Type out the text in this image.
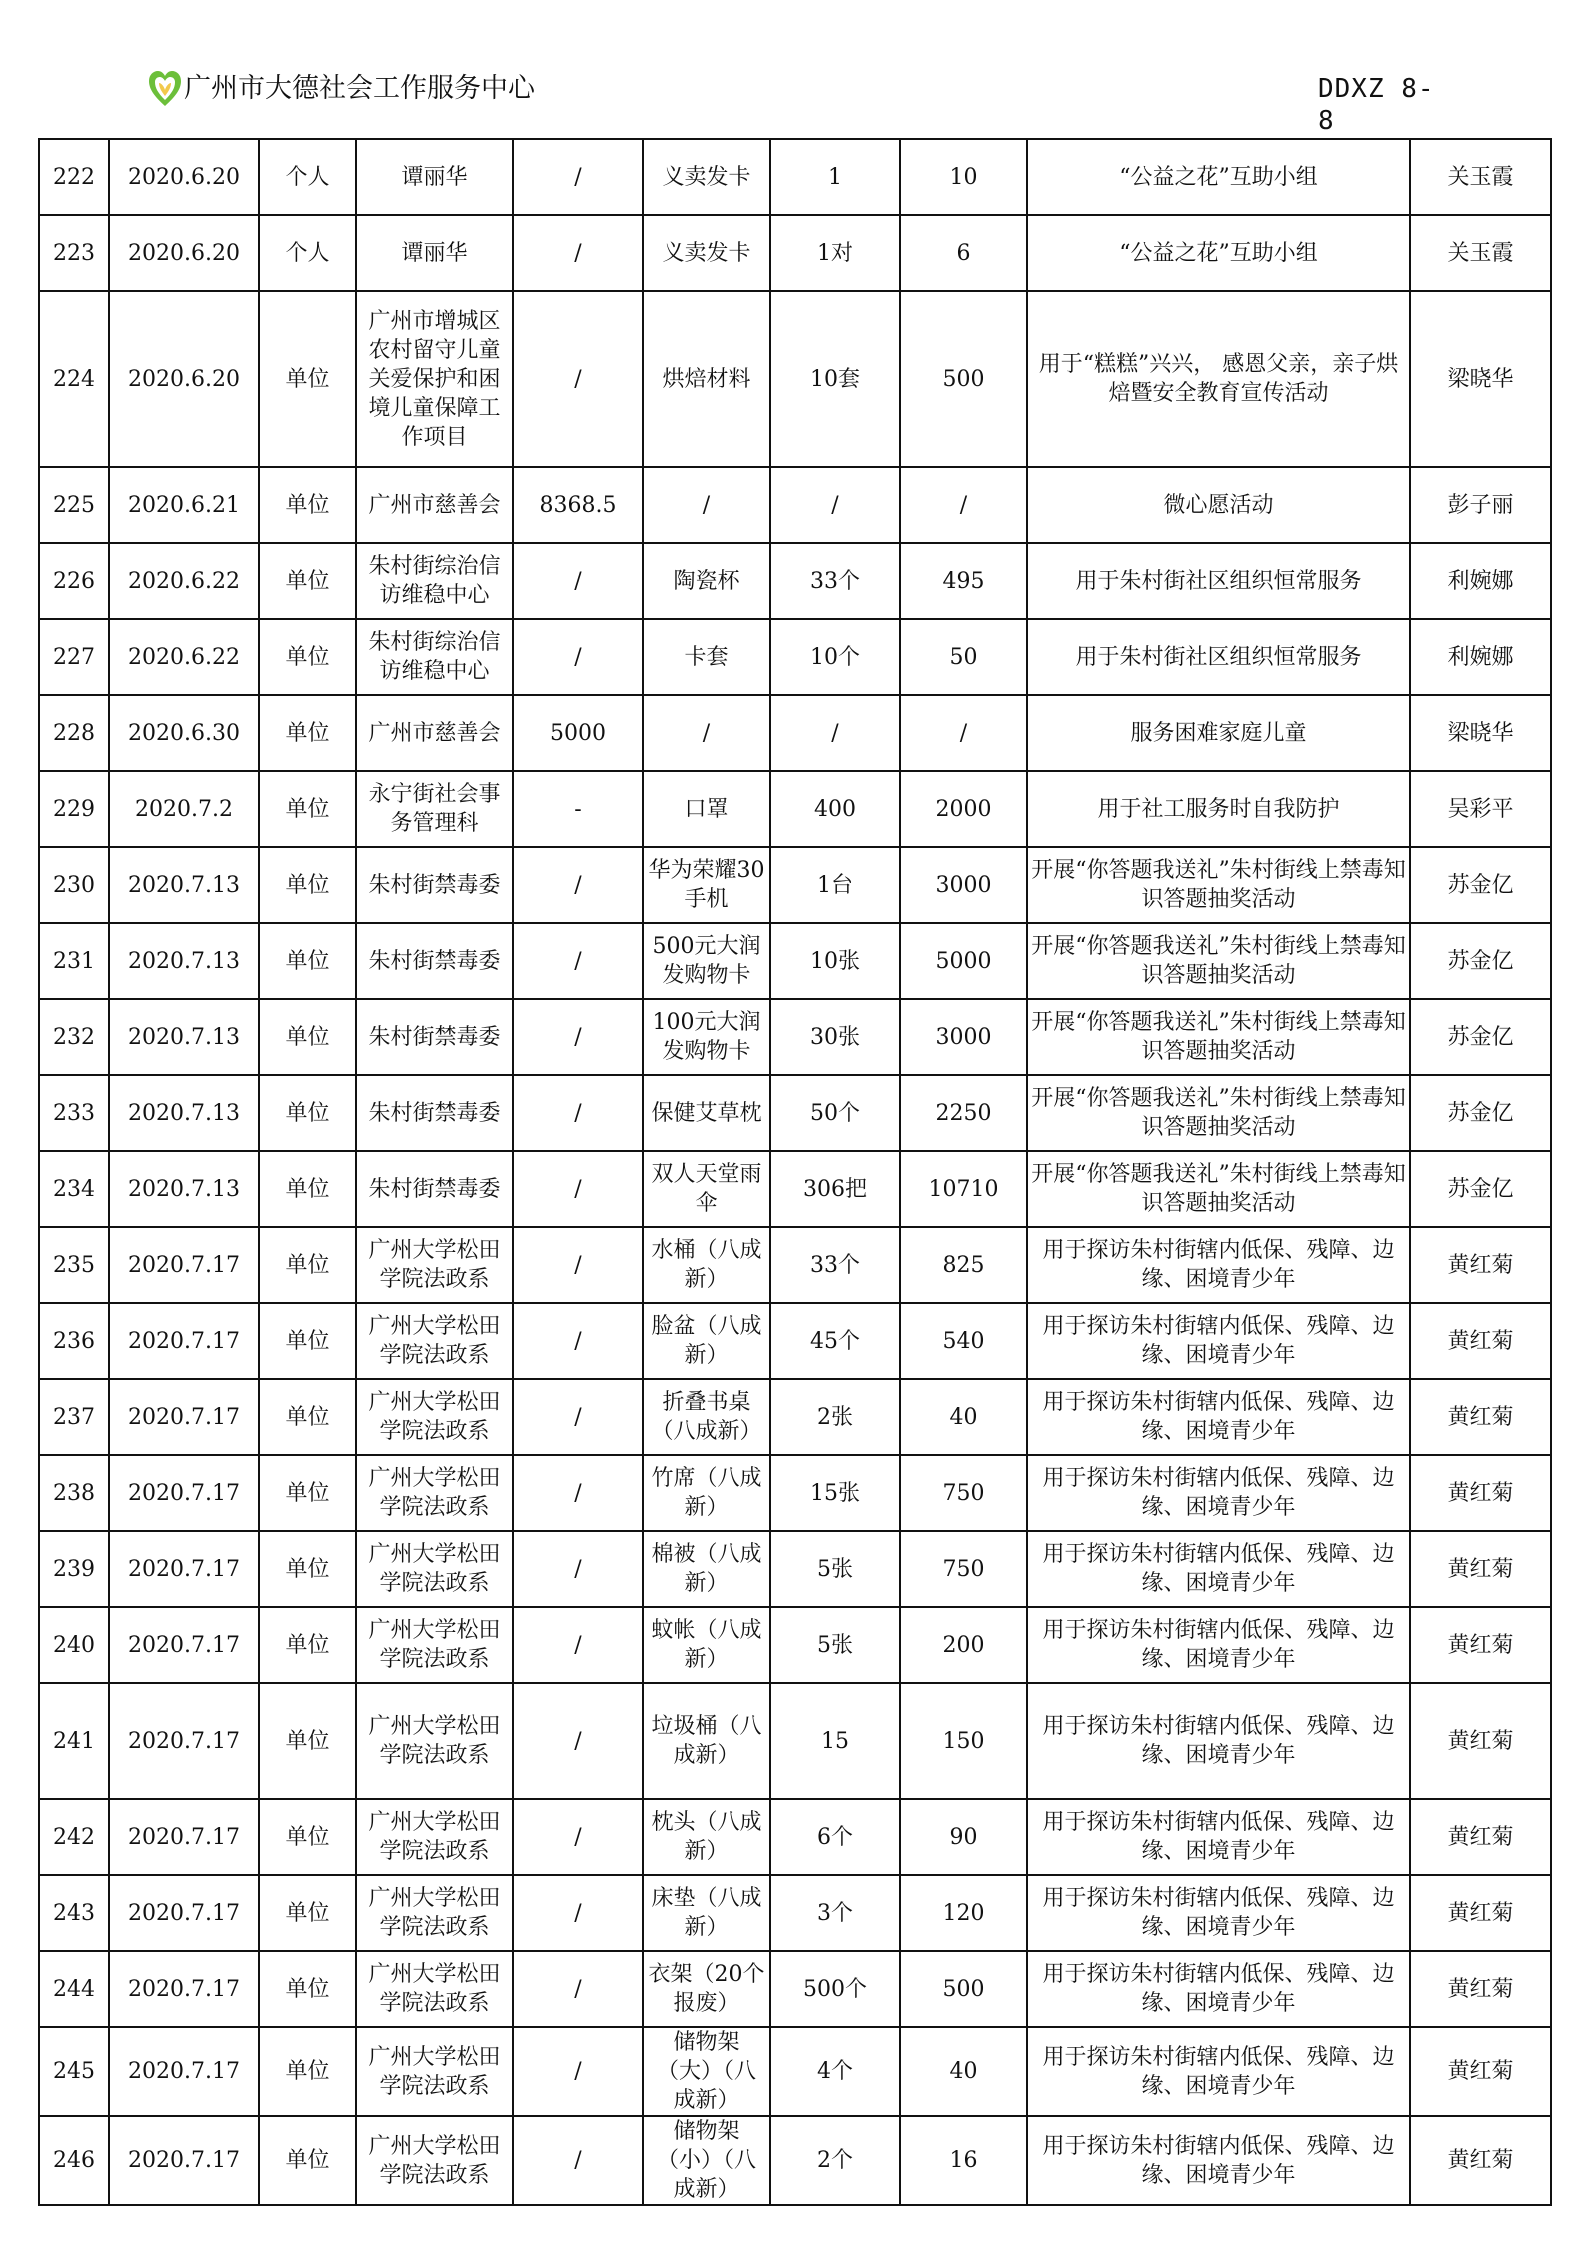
广州市大德社会工作服务中心	DDXZ 8-8
222	2020.6.20	个人	谭丽华	/	义卖发卡	1	10	“公益之花”互助小组	关玉霞
223	2020.6.20	个人	谭丽华	/	义卖发卡	1对	6	“公益之花”互助小组	关玉霞
224	2020.6.20	单位	广州市增城区农村留守儿童关爱保护和困境儿童保障工作项目	/	烘焙材料	10套	500	用于“糕糕”兴兴， 感恩父亲，亲子烘焙暨安全教育宣传活动	梁晓华
225	2020.6.21	单位	广州市慈善会	8368.5	/	/	/	微心愿活动	彭子丽
226	2020.6.22	单位	朱村街综治信访维稳中心	/	陶瓷杯	33个	495	用于朱村街社区组织恒常服务	利婉娜
227	2020.6.22	单位	朱村街综治信访维稳中心	/	卡套	10个	50	用于朱村街社区组织恒常服务	利婉娜
228	2020.6.30	单位	广州市慈善会	5000	/	/	/	服务困难家庭儿童	梁晓华
229	2020.7.2	单位	永宁街社会事务管理科	-	口罩	400	2000	用于社工服务时自我防护	吴彩平
230	2020.7.13	单位	朱村街禁毒委	/	华为荣耀30手机	1台	3000	开展“你答题我送礼”朱村街线上禁毒知识答题抽奖活动	苏金亿
231	2020.7.13	单位	朱村街禁毒委	/	500元大润发购物卡	10张	5000	开展“你答题我送礼”朱村街线上禁毒知识答题抽奖活动	苏金亿
232	2020.7.13	单位	朱村街禁毒委	/	100元大润发购物卡	30张	3000	开展“你答题我送礼”朱村街线上禁毒知识答题抽奖活动	苏金亿
233	2020.7.13	单位	朱村街禁毒委	/	保健艾草枕	50个	2250	开展“你答题我送礼”朱村街线上禁毒知识答题抽奖活动	苏金亿
234	2020.7.13	单位	朱村街禁毒委	/	双人天堂雨伞	306把	10710	开展“你答题我送礼”朱村街线上禁毒知识答题抽奖活动	苏金亿
235	2020.7.17	单位	广州大学松田学院法政系	/	水桶（八成新）	33个	825	用于探访朱村街辖内低保、残障、边缘、困境青少年	黄红菊
236	2020.7.17	单位	广州大学松田学院法政系	/	脸盆（八成新）	45个	540	用于探访朱村街辖内低保、残障、边缘、困境青少年	黄红菊
237	2020.7.17	单位	广州大学松田学院法政系	/	折叠书桌（八成新）	2张	40	用于探访朱村街辖内低保、残障、边缘、困境青少年	黄红菊
238	2020.7.17	单位	广州大学松田学院法政系	/	竹席（八成新）	15张	750	用于探访朱村街辖内低保、残障、边缘、困境青少年	黄红菊
239	2020.7.17	单位	广州大学松田学院法政系	/	棉被（八成新）	5张	750	用于探访朱村街辖内低保、残障、边缘、困境青少年	黄红菊
240	2020.7.17	单位	广州大学松田学院法政系	/	蚊帐（八成新）	5张	200	用于探访朱村街辖内低保、残障、边缘、困境青少年	黄红菊
241	2020.7.17	单位	广州大学松田学院法政系	/	垃圾桶（八成新）	15	150	用于探访朱村街辖内低保、残障、边缘、困境青少年	黄红菊
242	2020.7.17	单位	广州大学松田学院法政系	/	枕头（八成新）	6个	90	用于探访朱村街辖内低保、残障、边缘、困境青少年	黄红菊
243	2020.7.17	单位	广州大学松田学院法政系	/	床垫（八成新）	3个	120	用于探访朱村街辖内低保、残障、边缘、困境青少年	黄红菊
244	2020.7.17	单位	广州大学松田学院法政系	/	衣架（20个报废）	500个	500	用于探访朱村街辖内低保、残障、边缘、困境青少年	黄红菊
245	2020.7.17	单位	广州大学松田学院法政系	/	储物架（大）（八成新）	4个	40	用于探访朱村街辖内低保、残障、边缘、困境青少年	黄红菊
246	2020.7.17	单位	广州大学松田学院法政系	/	储物架（小）（八成新）	2个	16	用于探访朱村街辖内低保、残障、边缘、困境青少年	黄红菊
